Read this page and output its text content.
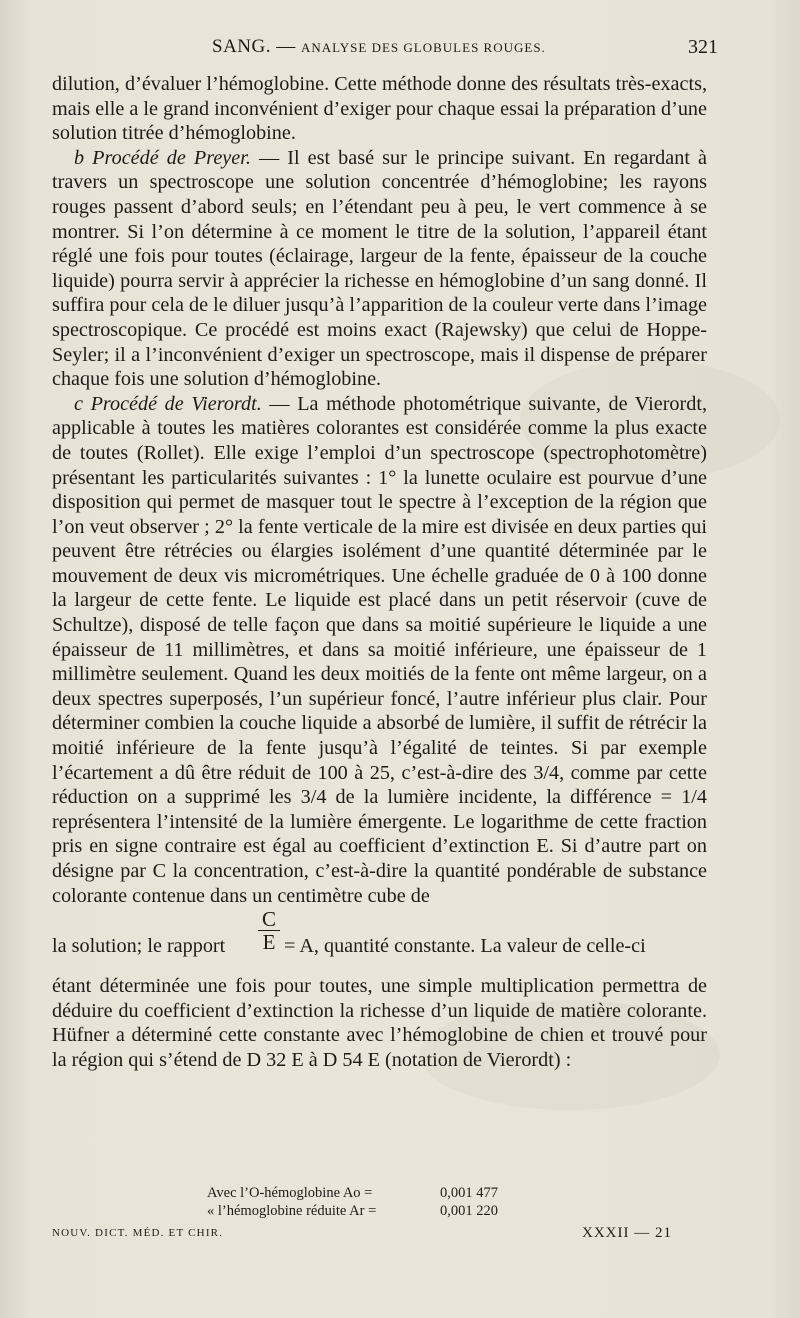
SANG. — ANALYSE DES GLOBULES ROUGES.	321

dilution, d’évaluer l’hémoglobine. Cette méthode donne des résultats très-exacts, mais elle a le grand inconvénient d’exiger pour chaque essai la préparation d’une solution titrée d’hémoglobine.

b Procédé de Preyer. — Il est basé sur le principe suivant. En regardant à travers un spectroscope une solution concentrée d’hémoglobine; les rayons rouges passent d’abord seuls; en l’étendant peu à peu, le vert commence à se montrer. Si l’on détermine à ce moment le titre de la solution, l’appareil étant réglé une fois pour toutes (éclairage, largeur de la fente, épaisseur de la couche liquide) pourra servir à apprécier la richesse en hémoglobine d’un sang donné. Il suffira pour cela de le diluer jusqu’à l’apparition de la couleur verte dans l’image spectroscopique. Ce procédé est moins exact (Rajewsky) que celui de Hoppe-Seyler; il a l’inconvénient d’exiger un spectroscope, mais il dispense de préparer chaque fois une solution d’hémoglobine.

c Procédé de Vierordt. — La méthode photométrique suivante, de Vierordt, applicable à toutes les matières colorantes est considérée comme la plus exacte de toutes (Rollet). Elle exige l’emploi d’un spectroscope (spectrophotomètre) présentant les particularités suivantes : 1° la lunette oculaire est pourvue d’une disposition qui permet de masquer tout le spectre à l’exception de la région que l’on veut observer ; 2° la fente verticale de la mire est divisée en deux parties qui peuvent être rétrécies ou élargies isolément d’une quantité déterminée par le mouvement de deux vis micrométriques. Une échelle graduée de 0 à 100 donne la largeur de cette fente. Le liquide est placé dans un petit réservoir (cuve de Schultze), disposé de telle façon que dans sa moitié supérieure le liquide a une épaisseur de 11 millimètres, et dans sa moitié inférieure, une épaisseur de 1 millimètre seulement. Quand les deux moitiés de la fente ont même largeur, on a deux spectres superposés, l’un supérieur foncé, l’autre inférieur plus clair. Pour déterminer combien la couche liquide a absorbé de lumière, il suffit de rétrécir la moitié inférieure de la fente jusqu’à l’égalité de teintes. Si par exemple l’écartement a dû être réduit de 100 à 25, c’est-à-dire des 3/4, comme par cette réduction on a supprimé les 3/4 de la lumière incidente, la différence = 1/4 représentera l’intensité de la lumière émergente. Le logarithme de cette fraction pris en signe contraire est égal au coefficient d’extinction E. Si d’autre part on désigne par C la concentration, c’est-à-dire la quantité pondérable de substance colorante contenue dans un centimètre cube de

la solution; le rapport $\frac{C}{E} = A$, quantité constante. La valeur de celle-ci

étant déterminée une fois pour toutes, une simple multiplication permettra de déduire du coefficient d’extinction la richesse d’un liquide de matière colorante. Hüfner a déterminé cette constante avec l’hémoglobine de chien et trouvé pour la région qui s’étend de D 32 E à D 54 E (notation de Vierordt) :

Avec l’O-hémoglobine Ao =	0,001 477
« l’hémoglobine réduite Ar =	0,001 220
NOUV. DICT. MÉD. ET CHIR.	XXXII — 21
